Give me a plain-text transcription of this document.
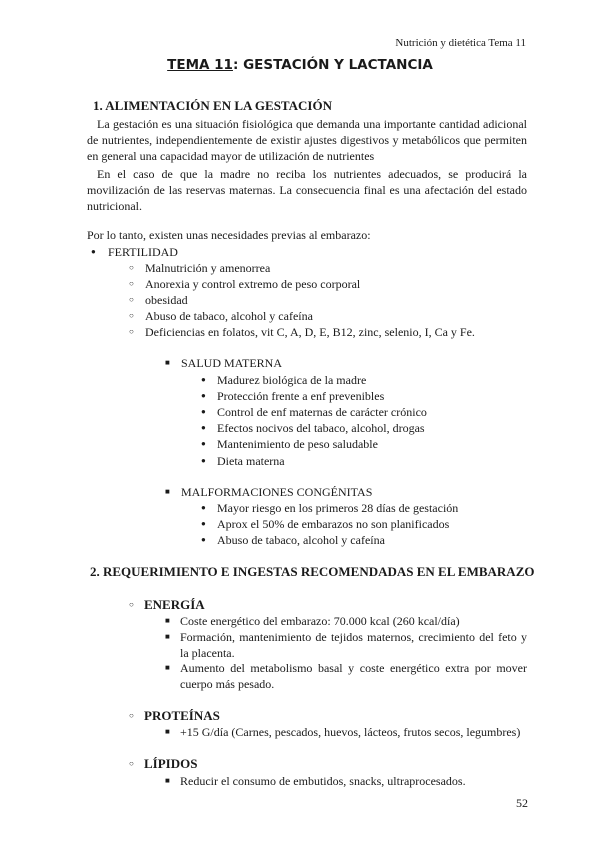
Nutrición y dietética Tema 11
TEMA 11: GESTACIÓN Y LACTANCIA
1. ALIMENTACIÓN EN LA GESTACIÓN
La gestación es una situación fisiológica que demanda una importante cantidad adicional de nutrientes, independientemente de existir ajustes digestivos y metabólicos que permiten en general una capacidad mayor de utilización de nutrientes
En el caso de que la madre no reciba los nutrientes adecuados, se producirá la movilización de las reservas maternas. La consecuencia final es una afectación del estado nutricional.
Por lo tanto, existen unas necesidades previas al embarazo:
● FERTILIDAD
○ Malnutrición y amenorrea
○ Anorexia y control extremo de peso corporal
○ obesidad
○ Abuso de tabaco, alcohol y cafeína
○ Deficiencias en folatos, vit C, A, D, E, B12, zinc, selenio, I, Ca y Fe.
■ SALUD MATERNA
● Madurez biológica de la madre
● Protección frente a enf prevenibles
● Control de enf maternas de carácter crónico
● Efectos nocivos del tabaco, alcohol, drogas
● Mantenimiento de peso saludable
● Dieta materna
■ MALFORMACIONES CONGÉNITAS
● Mayor riesgo en los primeros 28 días de gestación
● Aprox el 50% de embarazos no son planificados
● Abuso de tabaco, alcohol y cafeína
2. REQUERIMIENTO E INGESTAS RECOMENDADAS EN EL EMBARAZO
○ ENERGÍA
■ Coste energético del embarazo: 70.000 kcal (260 kcal/día)
■ Formación, mantenimiento de tejidos maternos, crecimiento del feto y la placenta.
■ Aumento del metabolismo basal y coste energético extra por mover cuerpo más pesado.
○ PROTEÍNAS
■ +15 G/día (Carnes, pescados, huevos, lácteos, frutos secos, legumbres)
○ LÍPIDOS
■ Reducir el consumo de embutidos, snacks, ultraprocesados.
52
